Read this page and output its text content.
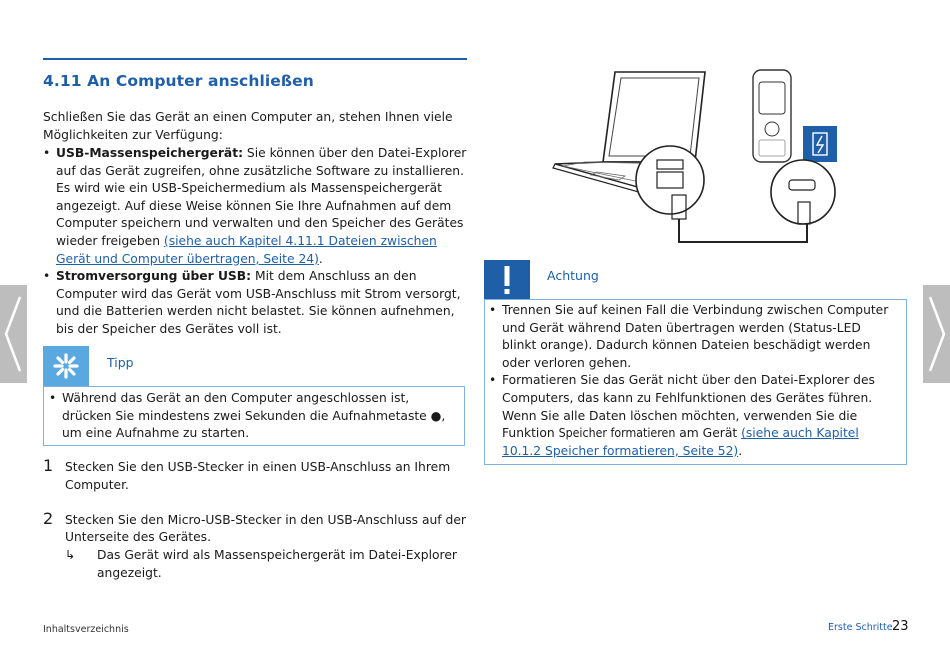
4.11 An Computer anschließen
Schließen Sie das Gerät an einen Computer an, stehen Ihnen viele Möglichkeiten zur Verfügung:
• USB-Massenspeichergerät: Sie können über den Datei-Explorer auf das Gerät zugreifen, ohne zusätzliche Software zu installieren. Es wird wie ein USB-Speichermedium als Massenspeichergerät angezeigt. Auf diese Weise können Sie Ihre Aufnahmen auf dem Computer speichern und verwalten und den Speicher des Gerätes wieder freigeben (siehe auch Kapitel 4.11.1 Dateien zwischen Gerät und Computer übertragen, Seite 24).
• Stromversorgung über USB: Mit dem Anschluss an den Computer wird das Gerät vom USB-Anschluss mit Strom versorgt, und die Batterien werden nicht belastet. Sie können aufnehmen, bis der Speicher des Gerätes voll ist.
Tipp
• Während das Gerät an den Computer angeschlossen ist, drücken Sie mindestens zwei Sekunden die Aufnahmetaste ●, um eine Aufnahme zu starten.
1 Stecken Sie den USB-Stecker in einen USB-Anschluss an Ihrem Computer.
2 Stecken Sie den Micro-USB-Stecker in den USB-Anschluss auf der Unterseite des Gerätes.
↳ Das Gerät wird als Massenspeichergerät im Datei-Explorer angezeigt.
Achtung
• Trennen Sie auf keinen Fall die Verbindung zwischen Computer und Gerät während Daten übertragen werden (Status-LED blinkt orange). Dadurch können Dateien beschädigt werden oder verloren gehen.
• Formatieren Sie das Gerät nicht über den Datei-Explorer des Computers, das kann zu Fehlfunktionen des Gerätes führen. Wenn Sie alle Daten löschen möchten, verwenden Sie die Funktion Speicher formatieren am Gerät (siehe auch Kapitel 10.1.2 Speicher formatieren, Seite 52).
Inhaltsverzeichnis	Erste Schritte 23
